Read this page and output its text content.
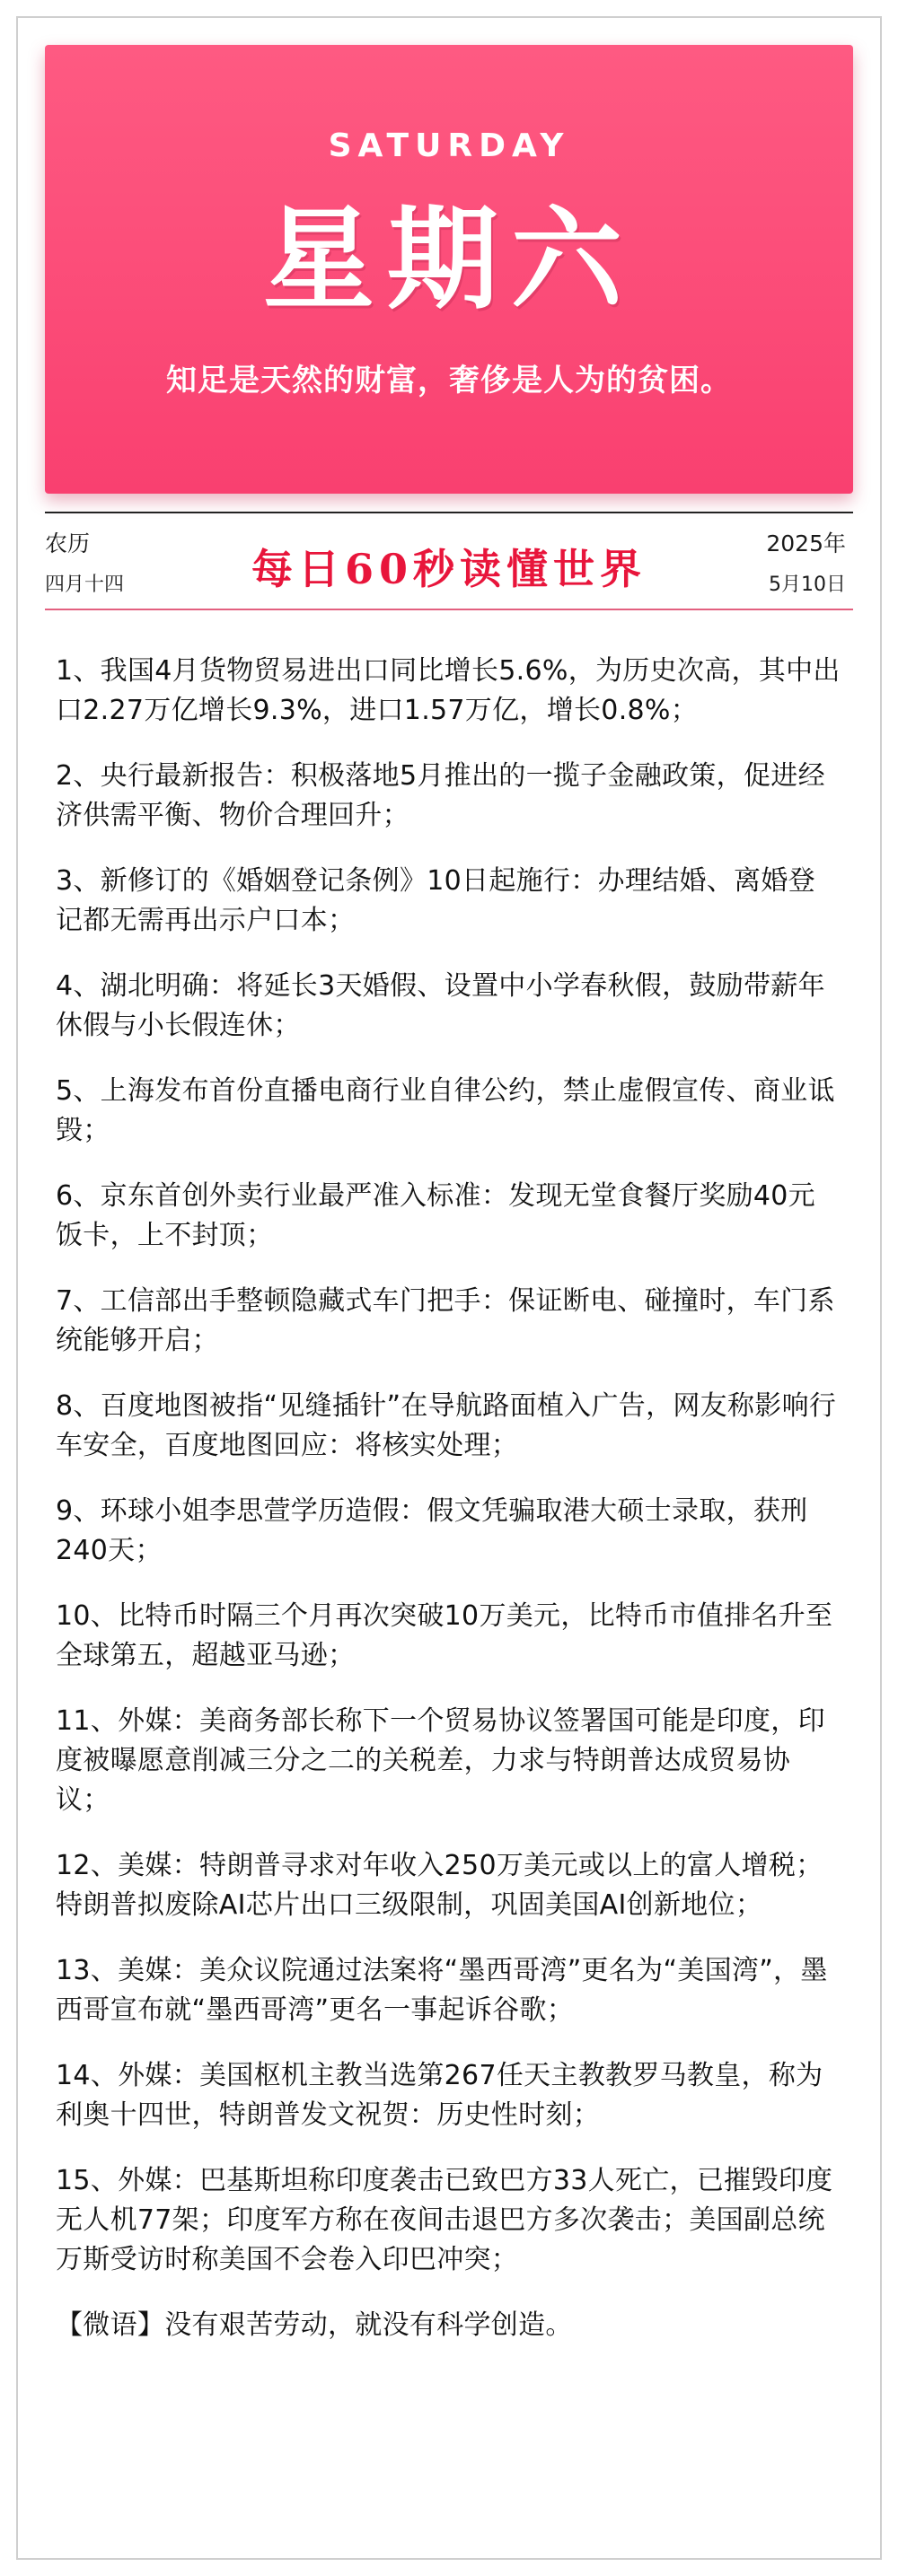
SATURDAY
星期六
知足是天然的财富，奢侈是人为的贫困。
农历
四月十四	每日60秒读懂世界
2025年
5月10日
1、我国4月货物贸易进出口同比增长5.6%，为历史次高，其中出口2.27万亿增长9.3%，进口1.57万亿，增长0.8%；
2、央行最新报告：积极落地5月推出的一揽子金融政策，促进经济供需平衡、物价合理回升；
3、新修订的《婚姻登记条例》10日起施行：办理结婚、离婚登记都无需再出示户口本；
4、湖北明确：将延长3天婚假、设置中小学春秋假，鼓励带薪年休假与小长假连休；
5、上海发布首份直播电商行业自律公约，禁止虚假宣传、商业诋毁；
6、京东首创外卖行业最严准入标准：发现无堂食餐厅奖励40元饭卡，上不封顶；
7、工信部出手整顿隐藏式车门把手：保证断电、碰撞时，车门系统能够开启；
8、百度地图被指“见缝插针”在导航路面植入广告，网友称影响行车安全，百度地图回应：将核实处理；
9、环球小姐李思萱学历造假：假文凭骗取港大硕士录取，获刑240天；
10、比特币时隔三个月再次突破10万美元，比特币市值排名升至全球第五，超越亚马逊；
11、外媒：美商务部长称下一个贸易协议签署国可能是印度，印度被曝愿意削减三分之二的关税差，力求与特朗普达成贸易协议；
12、美媒：特朗普寻求对年收入250万美元或以上的富人增税；特朗普拟废除AI芯片出口三级限制，巩固美国AI创新地位；
13、美媒：美众议院通过法案将“墨西哥湾”更名为“美国湾”，墨西哥宣布就“墨西哥湾”更名一事起诉谷歌；
14、外媒：美国枢机主教当选第267任天主教教罗马教皇，称为利奥十四世，特朗普发文祝贺：历史性时刻；
15、外媒：巴基斯坦称印度袭击已致巴方33人死亡，已摧毁印度无人机77架；印度军方称在夜间击退巴方多次袭击；美国副总统万斯受访时称美国不会卷入印巴冲突；
【微语】没有艰苦劳动，就没有科学创造。
